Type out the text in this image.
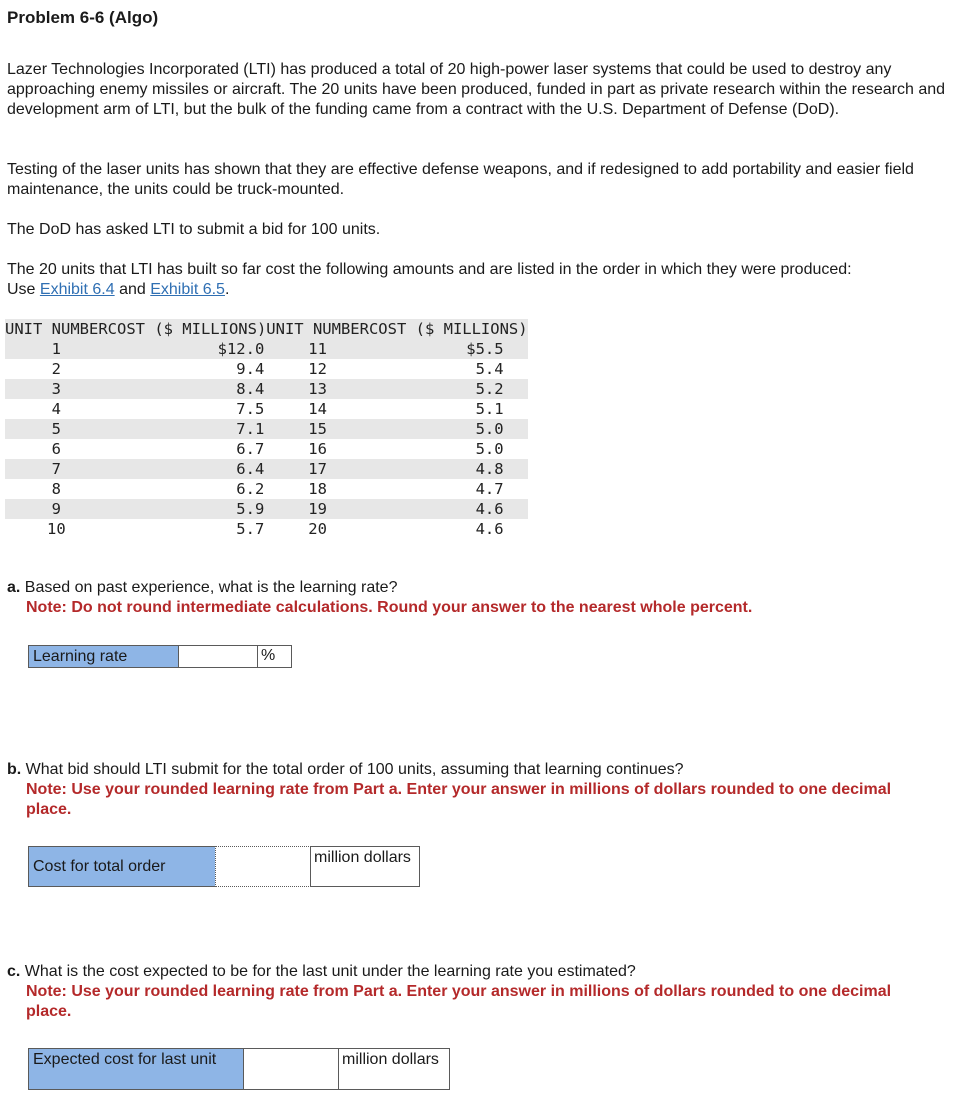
Problem 6-6 (Algo)
Lazer Technologies Incorporated (LTI) has produced a total of 20 high-power laser systems that could be used to destroy any approaching enemy missiles or aircraft. The 20 units have been produced, funded in part as private research within the research and development arm of LTI, but the bulk of the funding came from a contract with the U.S. Department of Defense (DoD).
Testing of the laser units has shown that they are effective defense weapons, and if redesigned to add portability and easier field maintenance, the units could be truck-mounted.
The DoD has asked LTI to submit a bid for 100 units.
The 20 units that LTI has built so far cost the following amounts and are listed in the order in which they were produced:
Use Exhibit 6.4 and Exhibit 6.5.
UNIT NUMBER	COST ($ MILLIONS)	UNIT NUMBER	COST ($ MILLIONS)
1	$12.0	11	$5.5
2	9.4	12	5.4
3	8.4	13	5.2
4	7.5	14	5.1
5	7.1	15	5.0
6	6.7	16	5.0
7	6.4	17	4.8
8	6.2	18	4.7
9	5.9	19	4.6
10	5.7	20	4.6
a. Based on past experience, what is the learning rate?
Note: Do not round intermediate calculations. Round your answer to the nearest whole percent.
Learning rate	%
b. What bid should LTI submit for the total order of 100 units, assuming that learning continues?
Note: Use your rounded learning rate from Part a. Enter your answer in millions of dollars rounded to one decimal place.
Cost for total order
million dollars
c. What is the cost expected to be for the last unit under the learning rate you estimated?
Note: Use your rounded learning rate from Part a. Enter your answer in millions of dollars rounded to one decimal place.
Expected cost for last unit	million dollars
